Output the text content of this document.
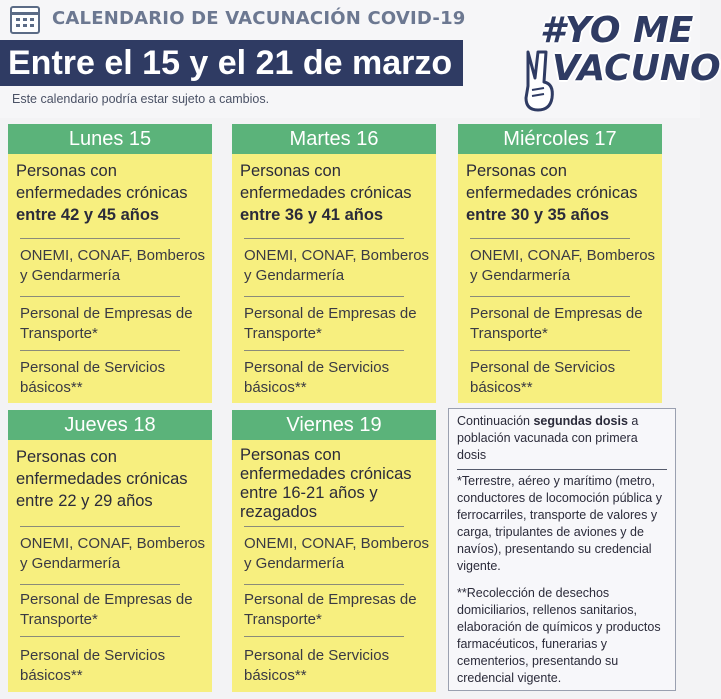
CALENDARIO DE VACUNACIÓN COVID-19
Entre el 15 y el 21 de marzo
Este calendario podría estar sujeto a cambios.
#YO ME
VACUNO
Lunes 15
Personas con enfermedades crónicas
entre 42 y 45 años
ONEMI, CONAF, Bomberos y Gendarmería
Personal de Empresas de Transporte*
Personal de Servicios básicos**
Martes 16
Personas con enfermedades crónicas
entre 36 y 41 años
ONEMI, CONAF, Bomberos y Gendarmería
Personal de Empresas de Transporte*
Personal de Servicios básicos**
Miércoles 17
Personas con enfermedades crónicas
entre 30 y 35 años
ONEMI, CONAF, Bomberos y Gendarmería
Personal de Empresas de Transporte*
Personal de Servicios básicos**
Jueves 18
Personas con enfermedades crónicas
entre 22 y 29 años
ONEMI, CONAF, Bomberos y Gendarmería
Personal de Empresas de Transporte*
Personal de Servicios básicos**
Viernes 19
Personas con enfermedades crónicas entre 16-21 años y rezagados
ONEMI, CONAF, Bomberos y Gendarmería
Personal de Empresas de Transporte*
Personal de Servicios básicos**
Continuación segundas dosis a población vacunada con primera dosis
*Terrestre, aéreo y marítimo (metro, conductores de locomoción pública y ferrocarriles, transporte de valores y carga, tripulantes de aviones y de navíos), presentando su credencial vigente.
**Recolección de desechos domiciliarios, rellenos sanitarios, elaboración de químicos y productos farmacéuticos, funerarias y cementerios, presentando su credencial vigente.
